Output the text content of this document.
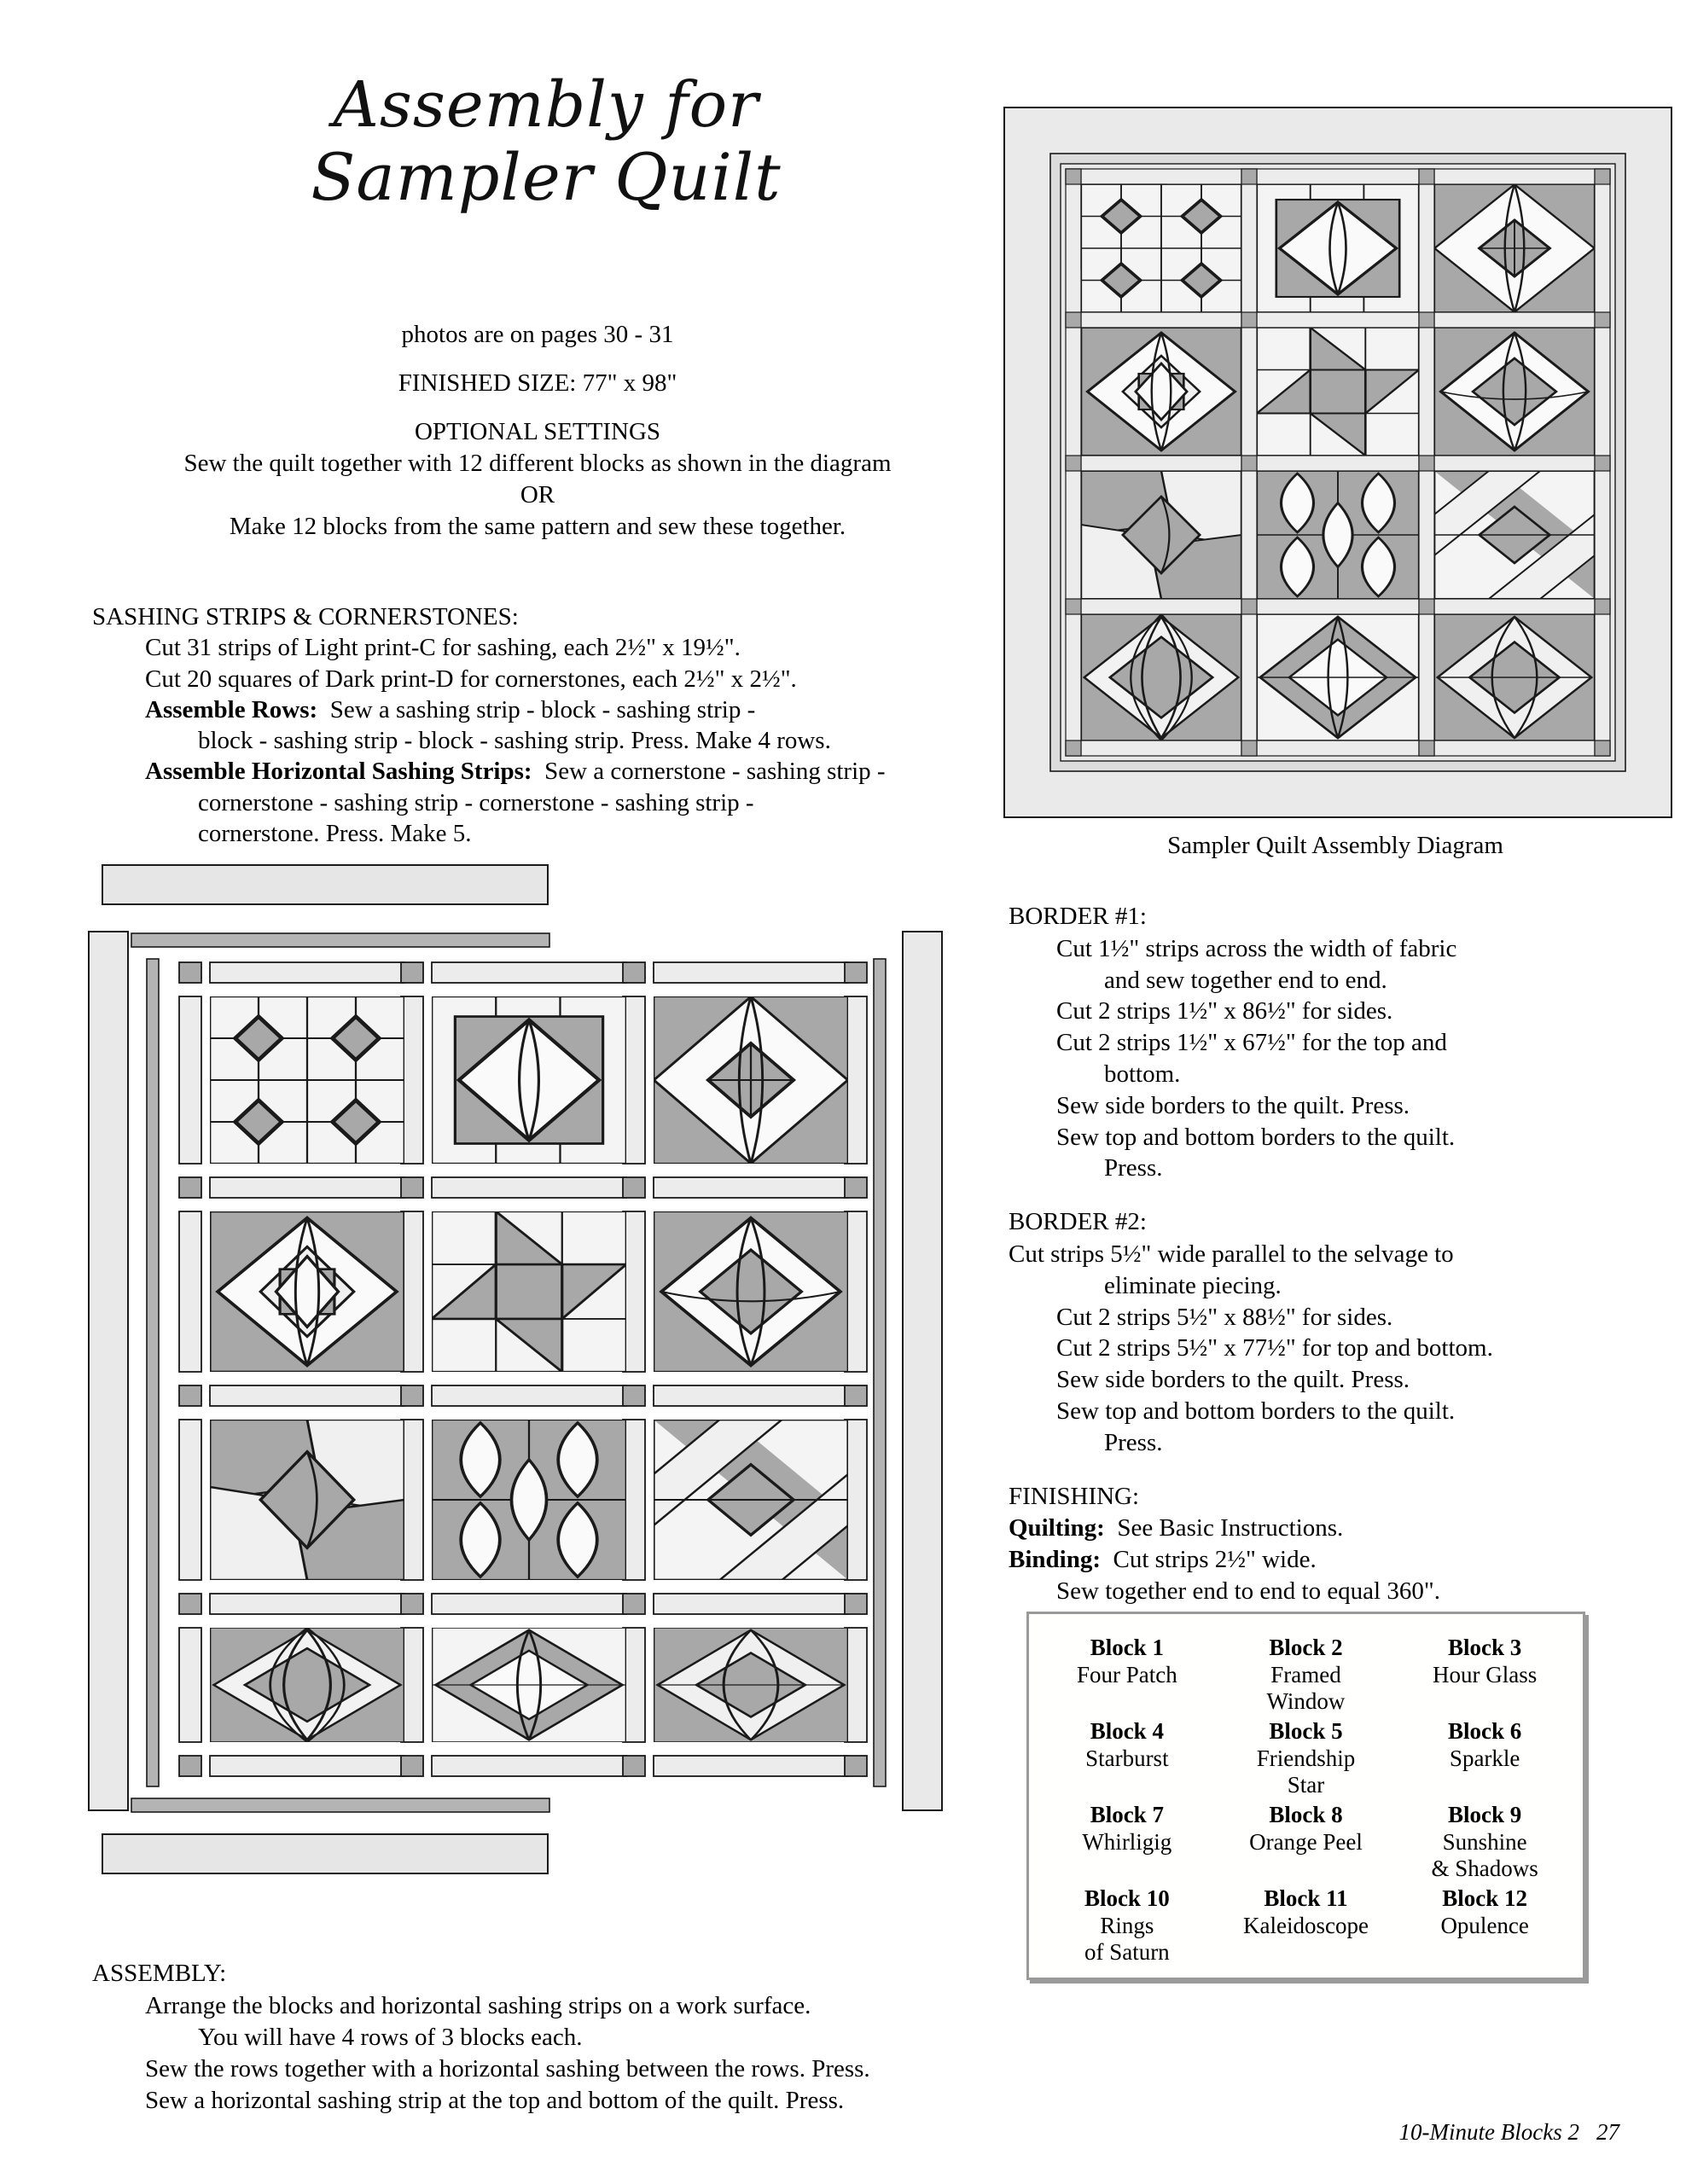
Assembly for
Sampler Quilt
photos are on pages 30 - 31
FINISHED SIZE: 77" x 98"
OPTIONAL SETTINGS
Sew the quilt together with 12 different blocks as shown in the diagram
OR
Make 12 blocks from the same pattern and sew these together.
SASHING STRIPS & CORNERSTONES:
Cut 31 strips of Light print-C for sashing, each 2½" x 19½".
Cut 20 squares of Dark print-D for cornerstones, each 2½" x 2½".
Assemble Rows: Sew a sashing strip - block - sashing strip -
block - sashing strip - block - sashing strip. Press. Make 4 rows.
Assemble Horizontal Sashing Strips: Sew a cornerstone - sashing strip -
cornerstone - sashing strip - cornerstone - sashing strip -
cornerstone. Press. Make 5.	Sampler Quilt Assembly Diagram
BORDER #1:
Cut 1½" strips across the width of fabric
and sew together end to end.
Cut 2 strips 1½" x 86½" for sides.
Cut 2 strips 1½" x 67½" for the top and
bottom.
Sew side borders to the quilt. Press.
Sew top and bottom borders to the quilt.
Press.
BORDER #2:
Cut strips 5½" wide parallel to the selvage to
eliminate piecing.
Cut 2 strips 5½" x 88½" for sides.
Cut 2 strips 5½" x 77½" for top and bottom.
Sew side borders to the quilt. Press.
Sew top and bottom borders to the quilt.
Press.
FINISHING:
Quilting: See Basic Instructions.
Binding: Cut strips 2½" wide.
Sew together end to end to equal 360".
ASSEMBLY:
Arrange the blocks and horizontal sashing strips on a work surface.
You will have 4 rows of 3 blocks each.
Sew the rows together with a horizontal sashing between the rows. Press.
Sew a horizontal sashing strip at the top and bottom of the quilt. Press.
Block 1
Four Patch
Block 2
Framed
Window
Block 3
Hour Glass
Block 4
Starburst
Block 5
Friendship
Star
Block 6
Sparkle
Block 7
Whirligig
Block 8
Orange Peel
Block 9
Sunshine
& Shadows
Block 10
Rings
of Saturn
Block 11
Kaleidoscope
Block 12
Opulence
10-Minute Blocks 2 27
